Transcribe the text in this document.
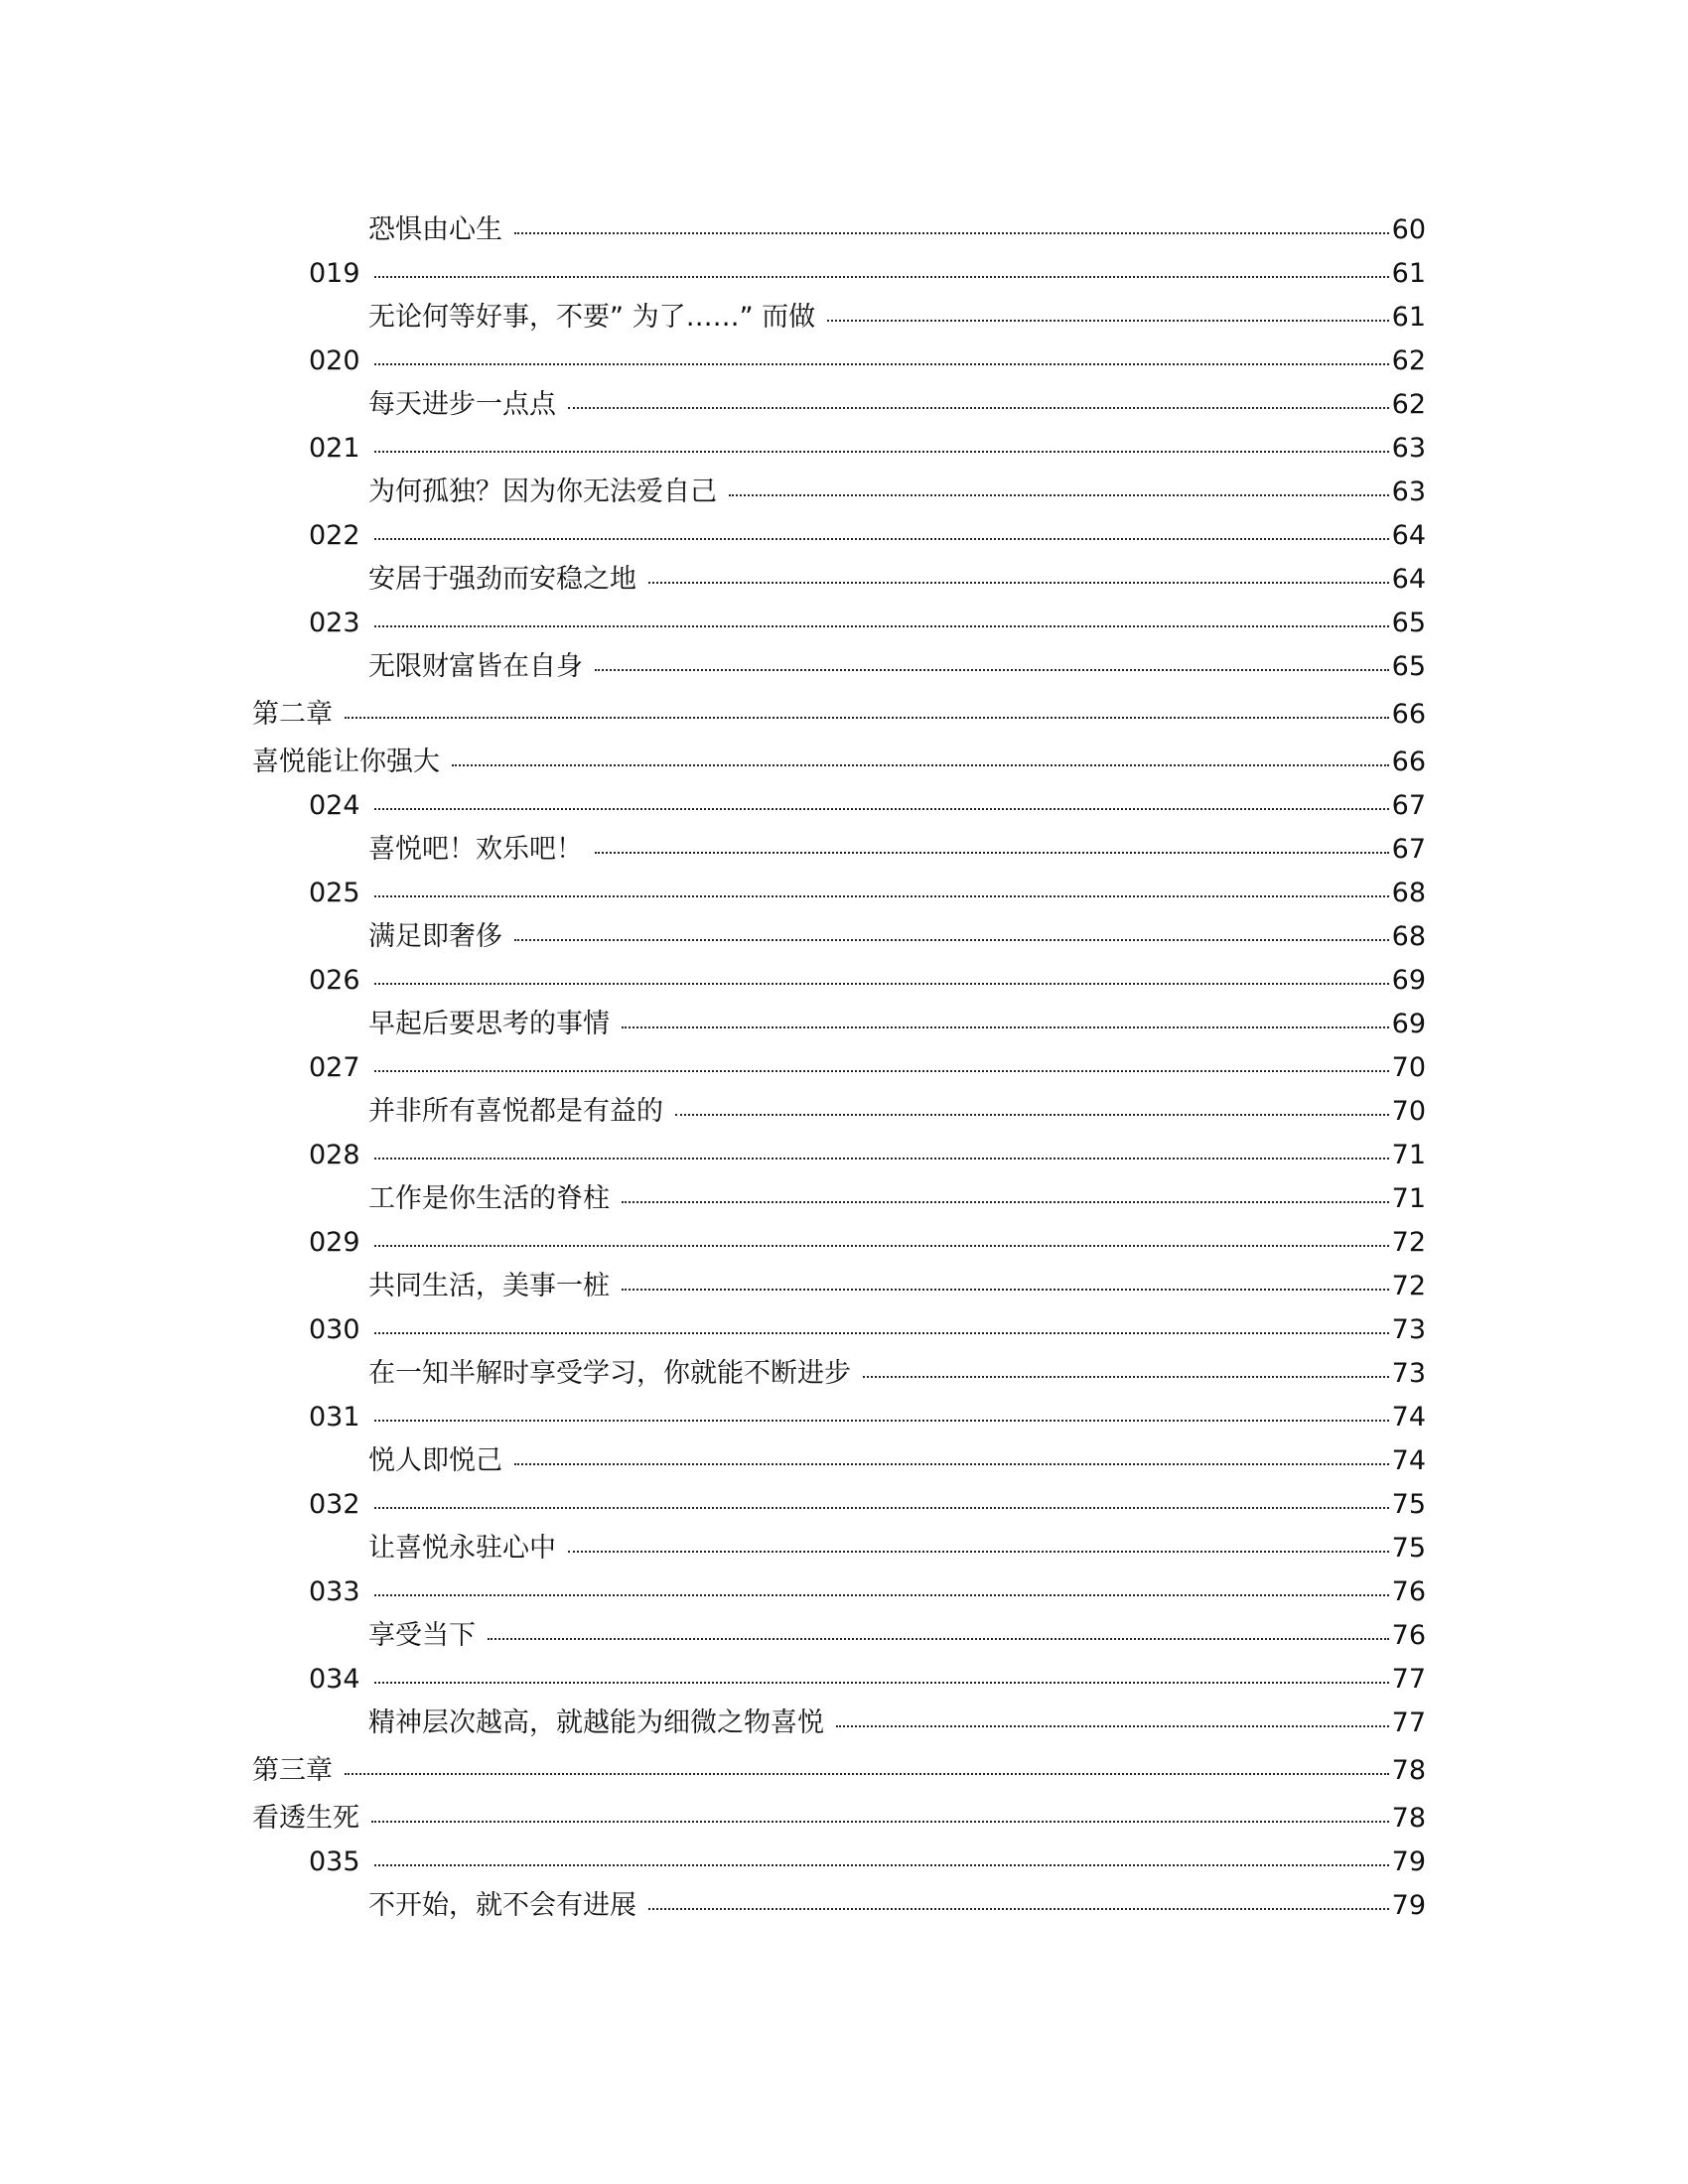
恐惧由心生	60
019	61
无论何等好事，不要” 为了……” 而做	61
020	62
每天进步一点点	62
021	63
为何孤独？因为你无法爱自己	63
022	64
安居于强劲而安稳之地	64
023	65
无限财富皆在自身	65
第二章	66
喜悦能让你强大	66
024	67
喜悦吧！欢乐吧！	67
025	68
满足即奢侈	68
026	69
早起后要思考的事情	69
027	70
并非所有喜悦都是有益的	70
028	71
工作是你生活的脊柱	71
029	72
共同生活，美事一桩	72
030	73
在一知半解时享受学习，你就能不断进步	73
031	74
悦人即悦己	74
032	75
让喜悦永驻心中	75
033	76
享受当下	76
034	77
精神层次越高，就越能为细微之物喜悦	77
第三章	78
看透生死	78
035	79
不开始，就不会有进展	79
